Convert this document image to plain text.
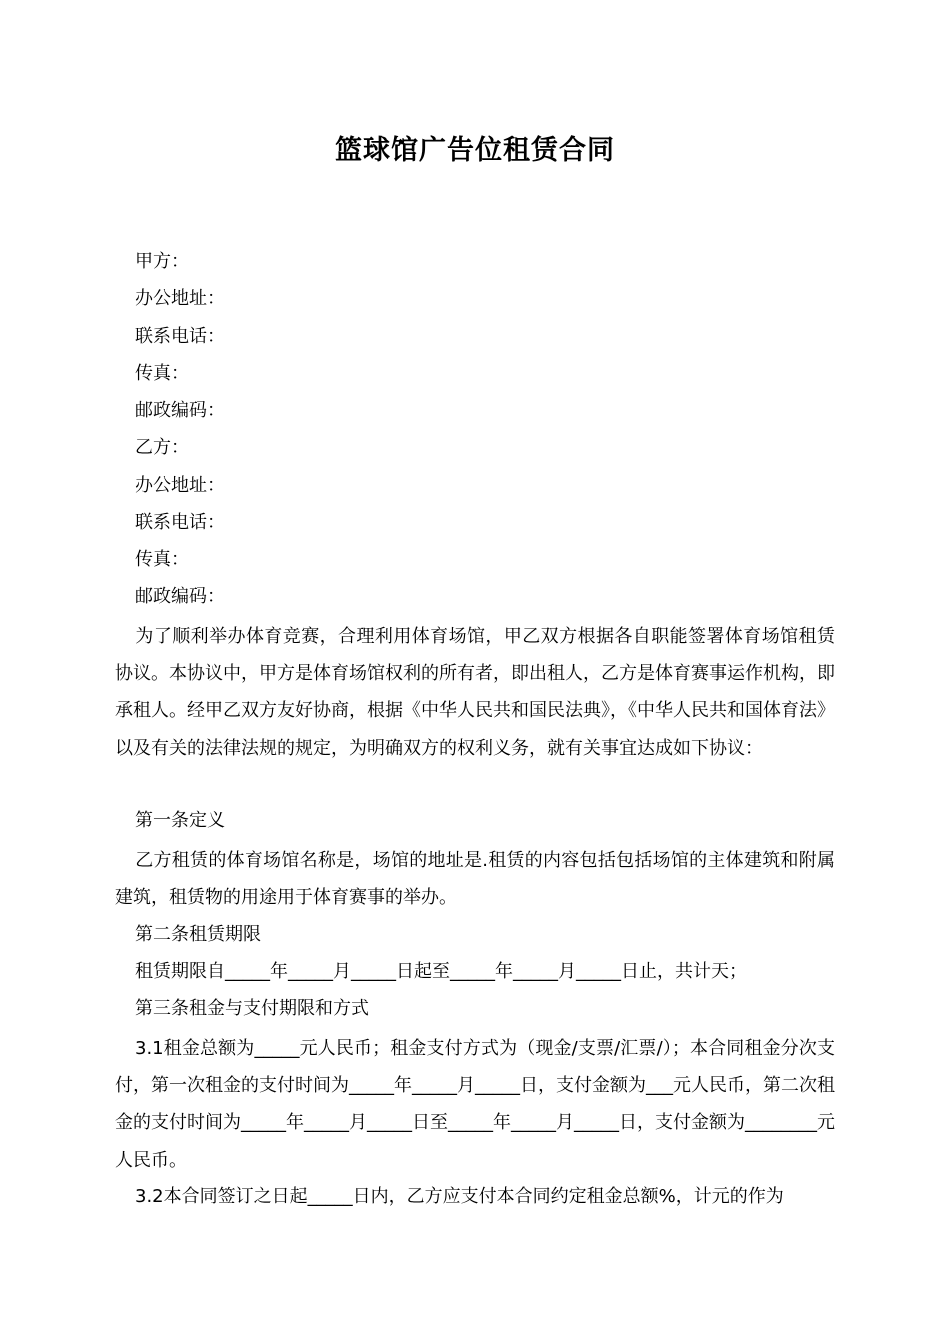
篮球馆广告位租赁合同
甲方：
办公地址：
联系电话：
传真：
邮政编码：
乙方：
办公地址：
联系电话：
传真：
邮政编码：
为了顺利举办体育竞赛，合理利用体育场馆，甲乙双方根据各自职能签署体育场馆租赁协议。本协议中，甲方是体育场馆权利的所有者，即出租人，乙方是体育赛事运作机构，即承租人。经甲乙双方友好协商，根据《中华人民共和国民法典》，《中华人民共和国体育法》以及有关的法律法规的规定，为明确双方的权利义务，就有关事宜达成如下协议：
第一条定义
乙方租赁的体育场馆名称是，场馆的地址是.租赁的内容包括包括场馆的主体建筑和附属建筑，租赁物的用途用于体育赛事的举办。
第二条租赁期限
租赁期限自_____年_____月_____日起至_____年_____月_____日止，共计天；
第三条租金与支付期限和方式
3.1租金总额为_____元人民币；租金支付方式为（现金/支票/汇票/）；本合同租金分次支付，第一次租金的支付时间为_____年_____月_____日，支付金额为___元人民币，第二次租金的支付时间为_____年_____月_____日至_____年_____月_____日，支付金额为________元人民币。
3.2本合同签订之日起_____日内，乙方应支付本合同约定租金总额%，计元的作为
